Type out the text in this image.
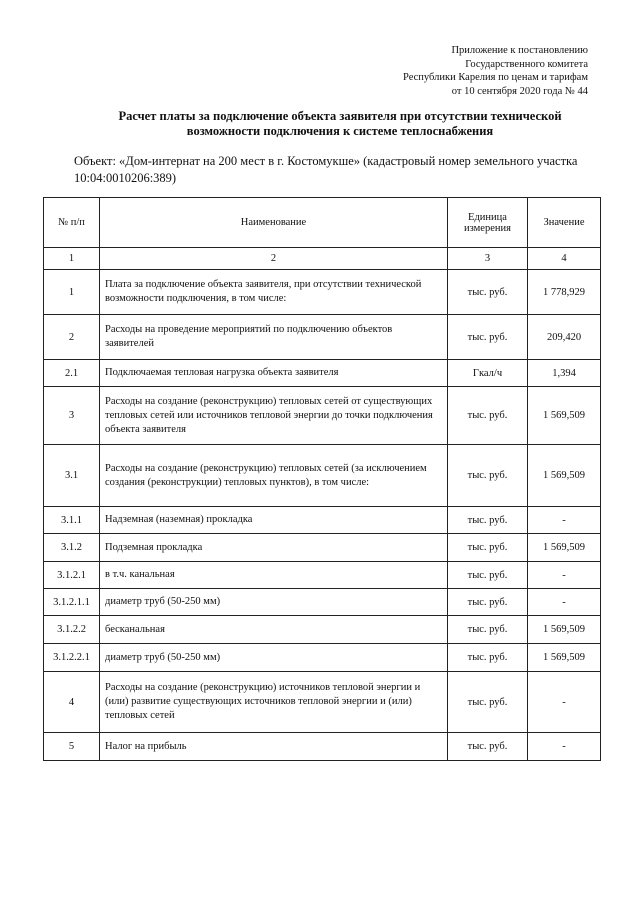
Приложение к постановлению
Государственного комитета
Республики Карелия по ценам и тарифам
от 10 сентября 2020 года № 44
Расчет платы за подключение объекта заявителя при отсутствии технической
возможности подключения к системе теплоснабжения
Объект: «Дом-интернат на 200 мест в г. Костомукше» (кадастровый номер земельного участка 10:04:0010206:389)
№ п/п	Наименование	Единица измерения	Значение
1	2	3	4
1	Плата за подключение объекта заявителя, при отсутствии технической возможности подключения, в том числе:	тыс. руб.	1 778,929
2	Расходы на проведение мероприятий по подключению объектов заявителей	тыс. руб.	209,420
2.1	Подключаемая тепловая нагрузка объекта заявителя	Гкал/ч	1,394
3	Расходы на создание (реконструкцию) тепловых сетей от существующих тепловых сетей или источников тепловой энергии до точки подключения объекта заявителя	тыс. руб.	1 569,509
3.1	Расходы на создание (реконструкцию) тепловых сетей (за исключением создания (реконструкции) тепловых пунктов), в том числе:	тыс. руб.	1 569,509
3.1.1	Надземная (наземная) прокладка	тыс. руб.	-
3.1.2	Подземная прокладка	тыс. руб.	1 569,509
3.1.2.1	в т.ч. канальная	тыс. руб.	-
3.1.2.1.1	диаметр труб (50-250 мм)	тыс. руб.	-
3.1.2.2	бесканальная	тыс. руб.	1 569,509
3.1.2.2.1	диаметр труб (50-250 мм)	тыс. руб.	1 569,509
4	Расходы на создание (реконструкцию) источников тепловой энергии и (или) развитие существующих источников тепловой энергии и (или) тепловых сетей	тыс. руб.	-
5	Налог на прибыль	тыс. руб.	-
